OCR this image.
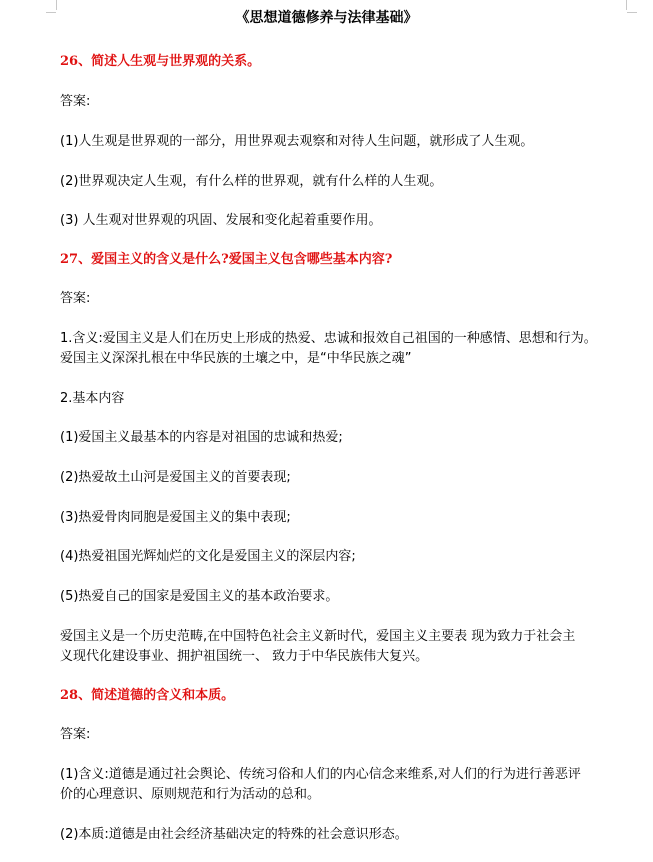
《思想道德修养与法律基础》
26、简述人生观与世界观的关系。
答案:
(1)人生观是世界观的一部分，用世界观去观察和对待人生问题，就形成了人生观。
(2)世界观决定人生观，有什么样的世界观，就有什么样的人生观。
(3) 人生观对世界观的巩固、发展和变化起着重要作用。
27、爱国主义的含义是什么?爱国主义包含哪些基本内容?
答案:
1.含义:爱国主义是人们在历史上形成的热爱、忠诚和报效自己祖国的一种感情、思想和行为。
爱国主义深深扎根在中华民族的土壤之中，是“中华民族之魂”
2.基本内容
(1)爱国主义最基本的内容是对祖国的忠诚和热爱;
(2)热爱故土山河是爱国主义的首要表现;
(3)热爱骨肉同胞是爱国主义的集中表现;
(4)热爱祖国光辉灿烂的文化是爱国主义的深层内容;
(5)热爱自己的国家是爱国主义的基本政治要求。
爱国主义是一个历史范畴,在中国特色社会主义新时代，爱国主义主要表 现为致力于社会主
义现代化建设事业、拥护祖国统一、 致力于中华民族伟大复兴。
28、简述道德的含义和本质。
答案:
(1)含义:道德是通过社会舆论、传统习俗和人们的内心信念来维系,对人们的行为进行善恶评
价的心理意识、原则规范和行为活动的总和。
(2)本质:道德是由社会经济基础决定的特殊的社会意识形态。
